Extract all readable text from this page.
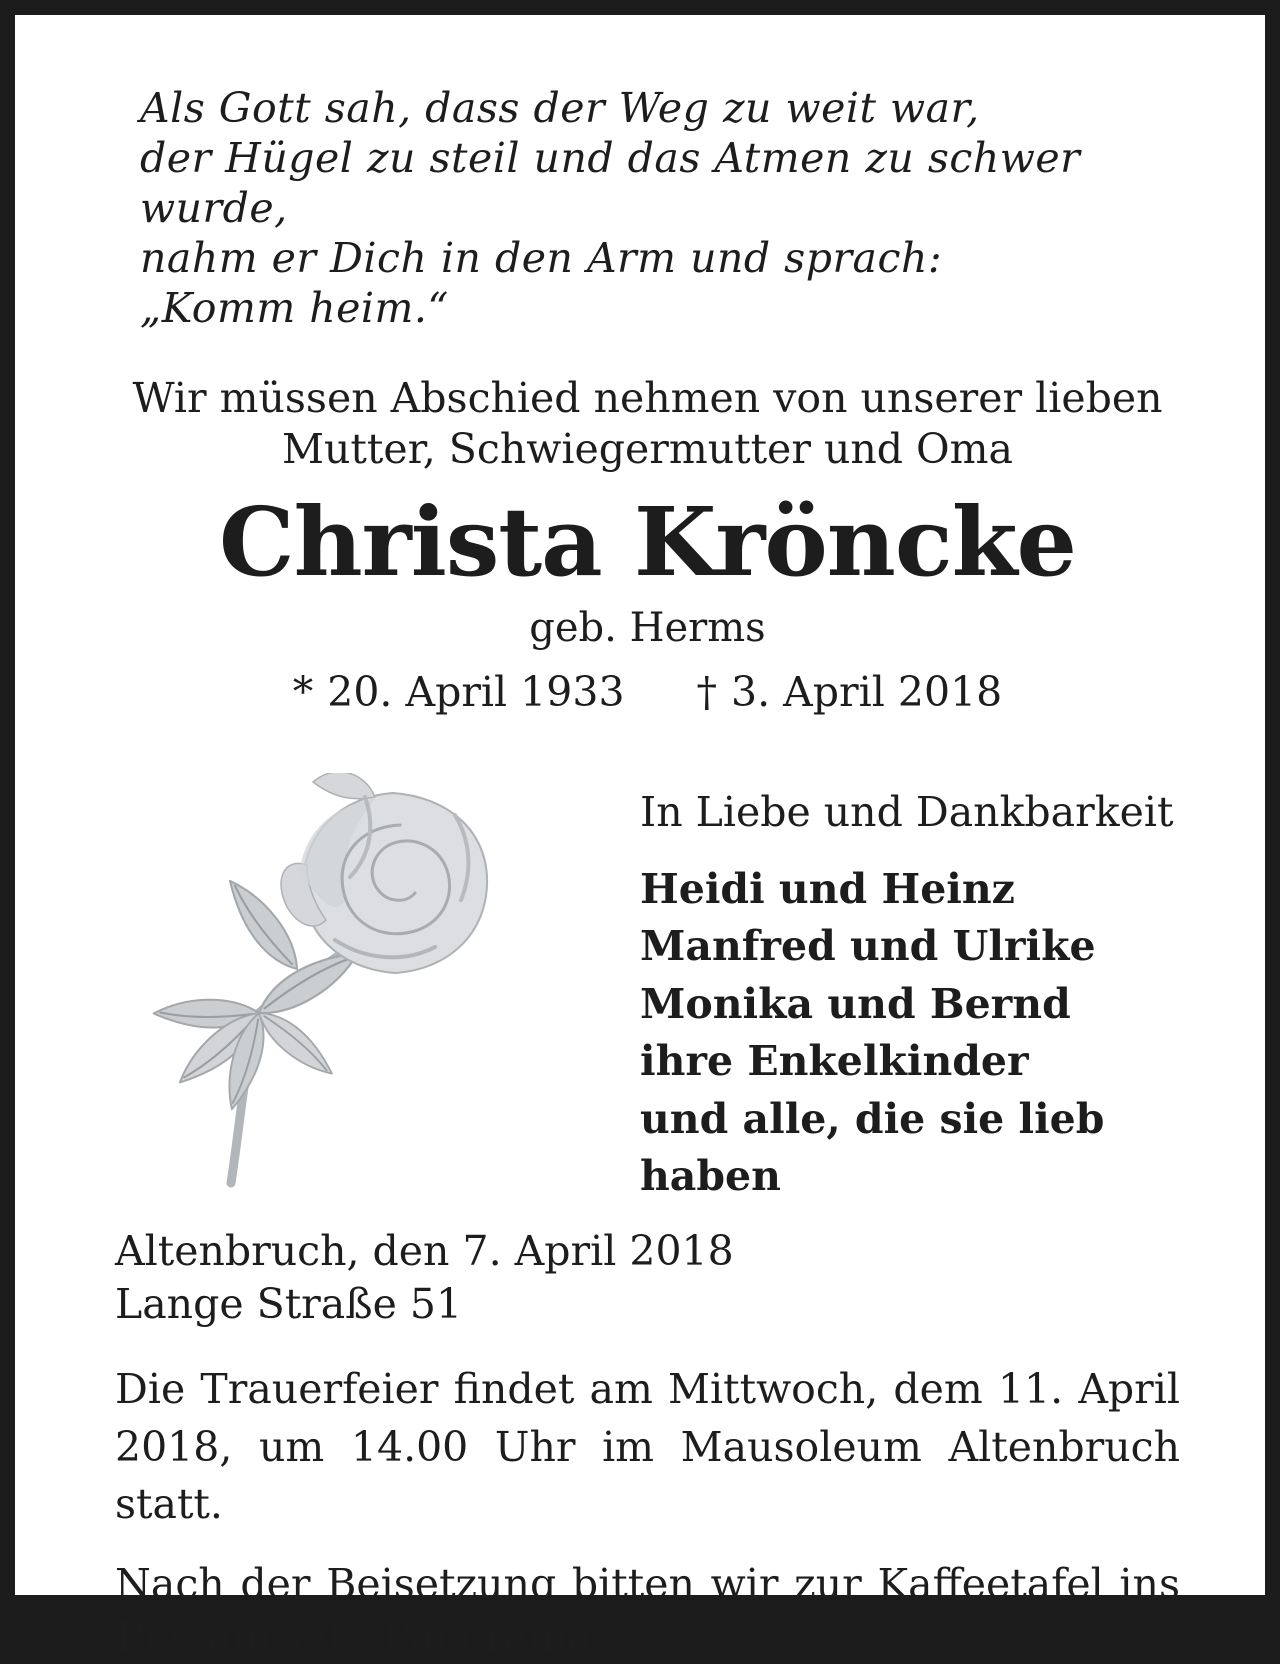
Als Gott sah, dass der Weg zu weit war,
der Hügel zu steil und das Atmen zu schwer wurde,
nahm er Dich in den Arm und sprach:
„Komm heim.“
Wir müssen Abschied nehmen von unserer lieben
Mutter, Schwiegermutter und Oma
Christa Kröncke
geb. Herms
* 20. April 1933 † 3. April 2018
In Liebe und Dankbarkeit
Heidi und Heinz
Manfred und Ulrike
Monika und Bernd
ihre Enkelkinder
und alle, die sie lieb haben
Altenbruch, den 7. April 2018
Lange Straße 51
Die Trauerfeier findet am Mittwoch, dem 11. April
2018, um 14.00 Uhr im Mausoleum Altenbruch statt.
Nach der Beisetzung bitten wir zur Kaffeetafel ins
Restaurant »Panorama«.
